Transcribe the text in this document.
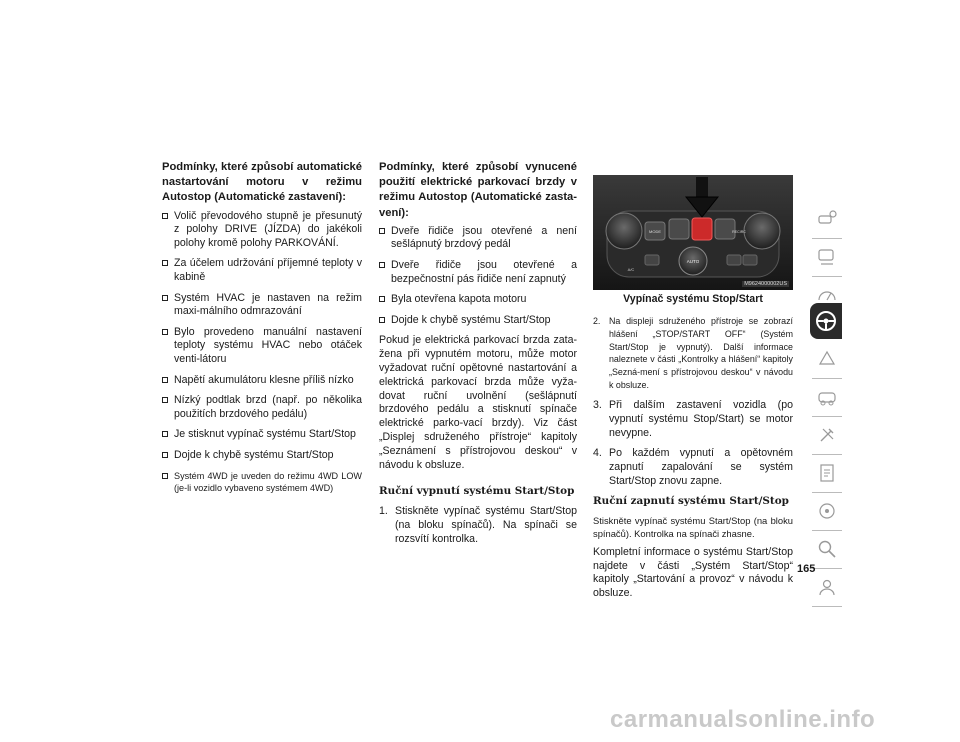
Podmínky, které způsobí automatické nastartování motoru v režimu Autostop (Automatické zastavení):

Volič převodového stupně je přesunutý z polohy DRIVE (JÍZDA) do jakékoli polohy kromě polohy PARKOVÁNÍ.
Za účelem udržování příjemné teploty v kabině
Systém HVAC je nastaven na režim maxi-málního odmrazování
Bylo provedeno manuální nastavení teploty systému HVAC nebo otáček venti-látoru
Napětí akumulátoru klesne příliš nízko
Nízký podtlak brzd (např. po několika použitích brzdového pedálu)
Je stisknut vypínač systému Start/Stop
Dojde k chybě systému Start/Stop
Systém 4WD je uveden do režimu 4WD LOW (je-li vozidlo vybaveno systémem 4WD)

Podmínky, které způsobí vynucené použití elektrické parkovací brzdy v režimu Autostop (Automatické zasta-vení):

Dveře řidiče jsou otevřené a není sešlápnutý brzdový pedál
Dveře řidiče jsou otevřené a bezpečnostní pás řidiče není zapnutý
Byla otevřena kapota motoru
Dojde k chybě systému Start/Stop

Pokud je elektrická parkovací brzda zata-žena při vypnutém motoru, může motor vyžadovat ruční opětovné nastartování a elektrická parkovací brzda může vyža-dovat ruční uvolnění (sešlápnutí brzdového pedálu a stisknutí spínače elektrické parko-vací brzdy). Viz část „Displej sdruženého přístroje“ kapitoly „Seznámení s přístrojovou deskou“ v návodu k obsluze.

Ruční vypnutí systému Start/Stop

1. Stiskněte vypínač systému Start/Stop (na bloku spínačů). Na spínači se rozsvítí kontrolka.
MODE	RECIRC
AUTO
A/C
M9624000002US

Vypínač systému Stop/Start

2. Na displeji sdruženého přístroje se zobrazí hlášení „STOP/START OFF“ (Systém Start/Stop je vypnutý). Další informace naleznete v části „Kontrolky a hlášení“ kapitoly „Sezná-mení s přístrojovou deskou“ v návodu k obsluze.
3. Při dalším zastavení vozidla (po vypnutí systému Stop/Start) se motor nevypne.
4. Po každém vypnutí a opětovném zapnutí zapalování se systém Start/Stop znovu zapne.

Ruční zapnutí systému Start/Stop

Stiskněte vypínač systému Start/Stop (na bloku spínačů). Kontrolka na spínači zhasne.

Kompletní informace o systému Start/Stop najdete v části „Systém Start/Stop“ kapitoly „Startování a provoz“ v návodu k obsluze.

165
carmanualsonline.info
